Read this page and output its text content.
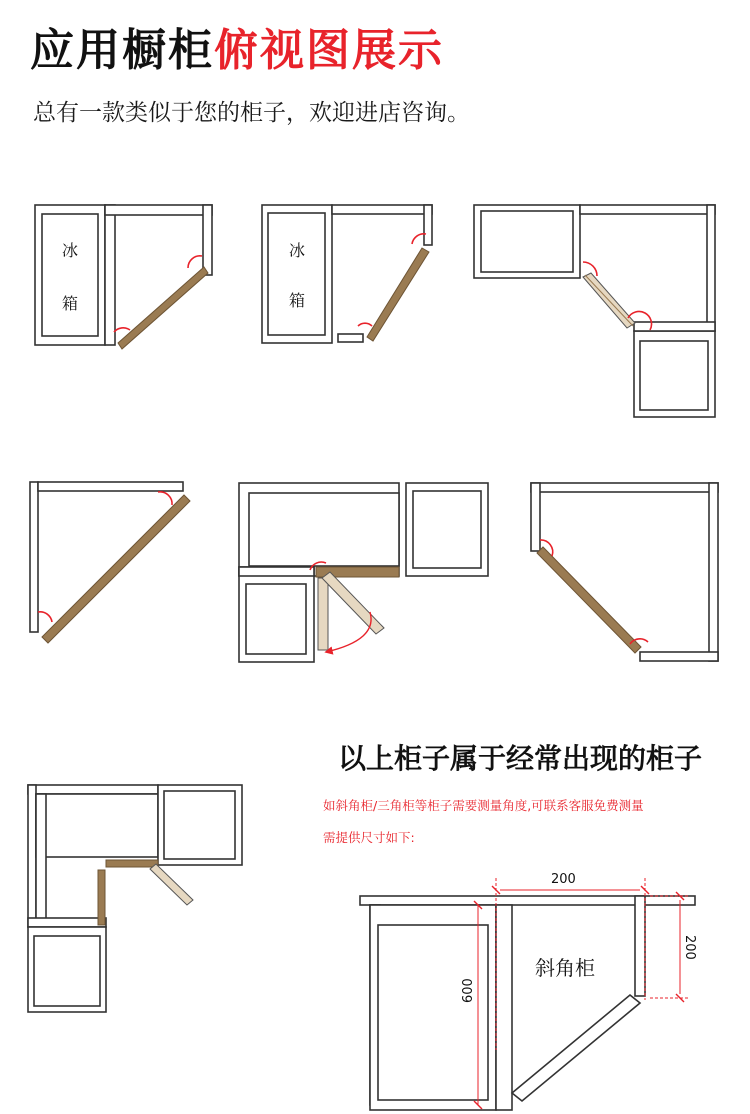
应用橱柜俯视图展示
总有一款类似于您的柜子，欢迎进店咨询。
冰
箱
冰
箱
200
200
600
斜角柜
以上柜子属于经常出现的柜子
如斜角柜/三角柜等柜子需要测量角度,可联系客服免费测量
需提供尺寸如下:
